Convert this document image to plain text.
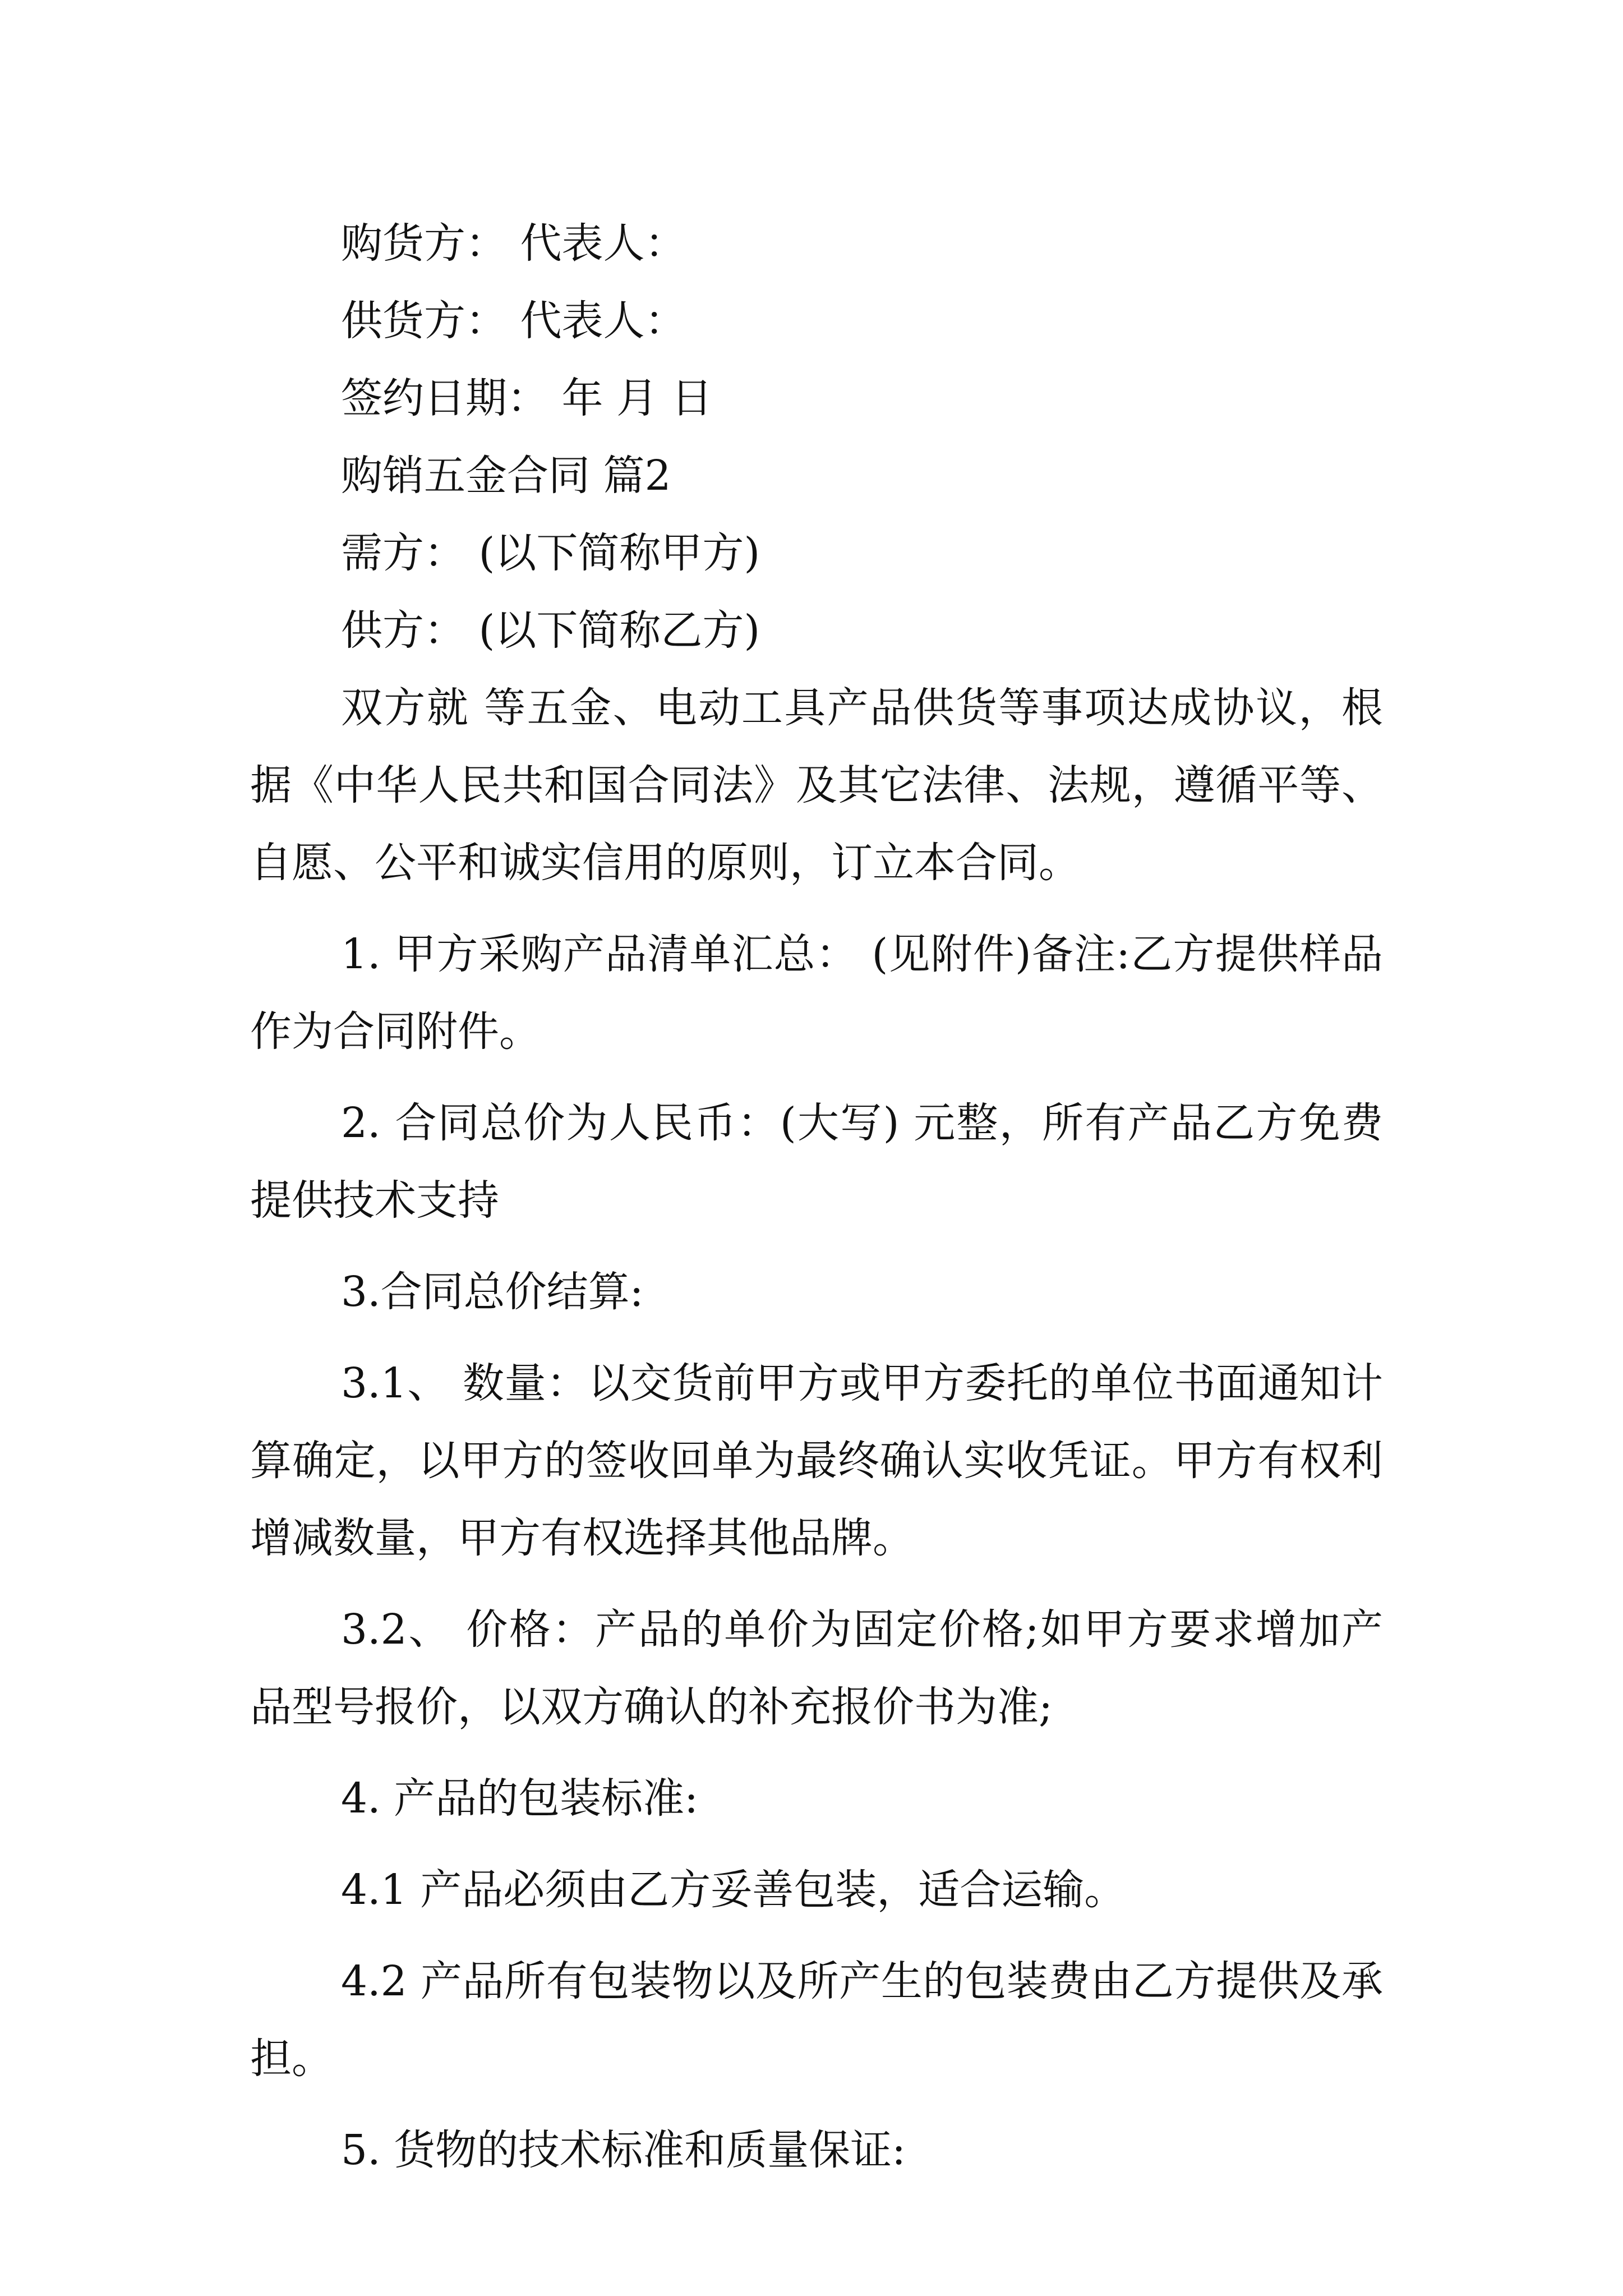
购货方： 代表人：
供货方： 代表人：
签约日期： 年 月 日
购销五金合同 篇2
需方： (以下简称甲方)
供方： (以下简称乙方)
双方就 等五金、电动工具产品供货等事项达成协议，根据《中华人民共和国合同法》及其它法律、法规，遵循平等、自愿、公平和诚实信用的原则，订立本合同。
1. 甲方采购产品清单汇总： (见附件)备注:乙方提供样品作为合同附件。
2. 合同总价为人民币：(大写) 元整，所有产品乙方免费提供技术支持
3.合同总价结算:
3.1、 数量：以交货前甲方或甲方委托的单位书面通知计算确定，以甲方的签收回单为最终确认实收凭证。甲方有权利增减数量，甲方有权选择其他品牌。
3.2、 价格：产品的单价为固定价格;如甲方要求增加产品型号报价，以双方确认的补充报价书为准;
4. 产品的包装标准:
4.1 产品必须由乙方妥善包装，适合运输。
4.2 产品所有包装物以及所产生的包装费由乙方提供及承担。
5. 货物的技术标准和质量保证:
